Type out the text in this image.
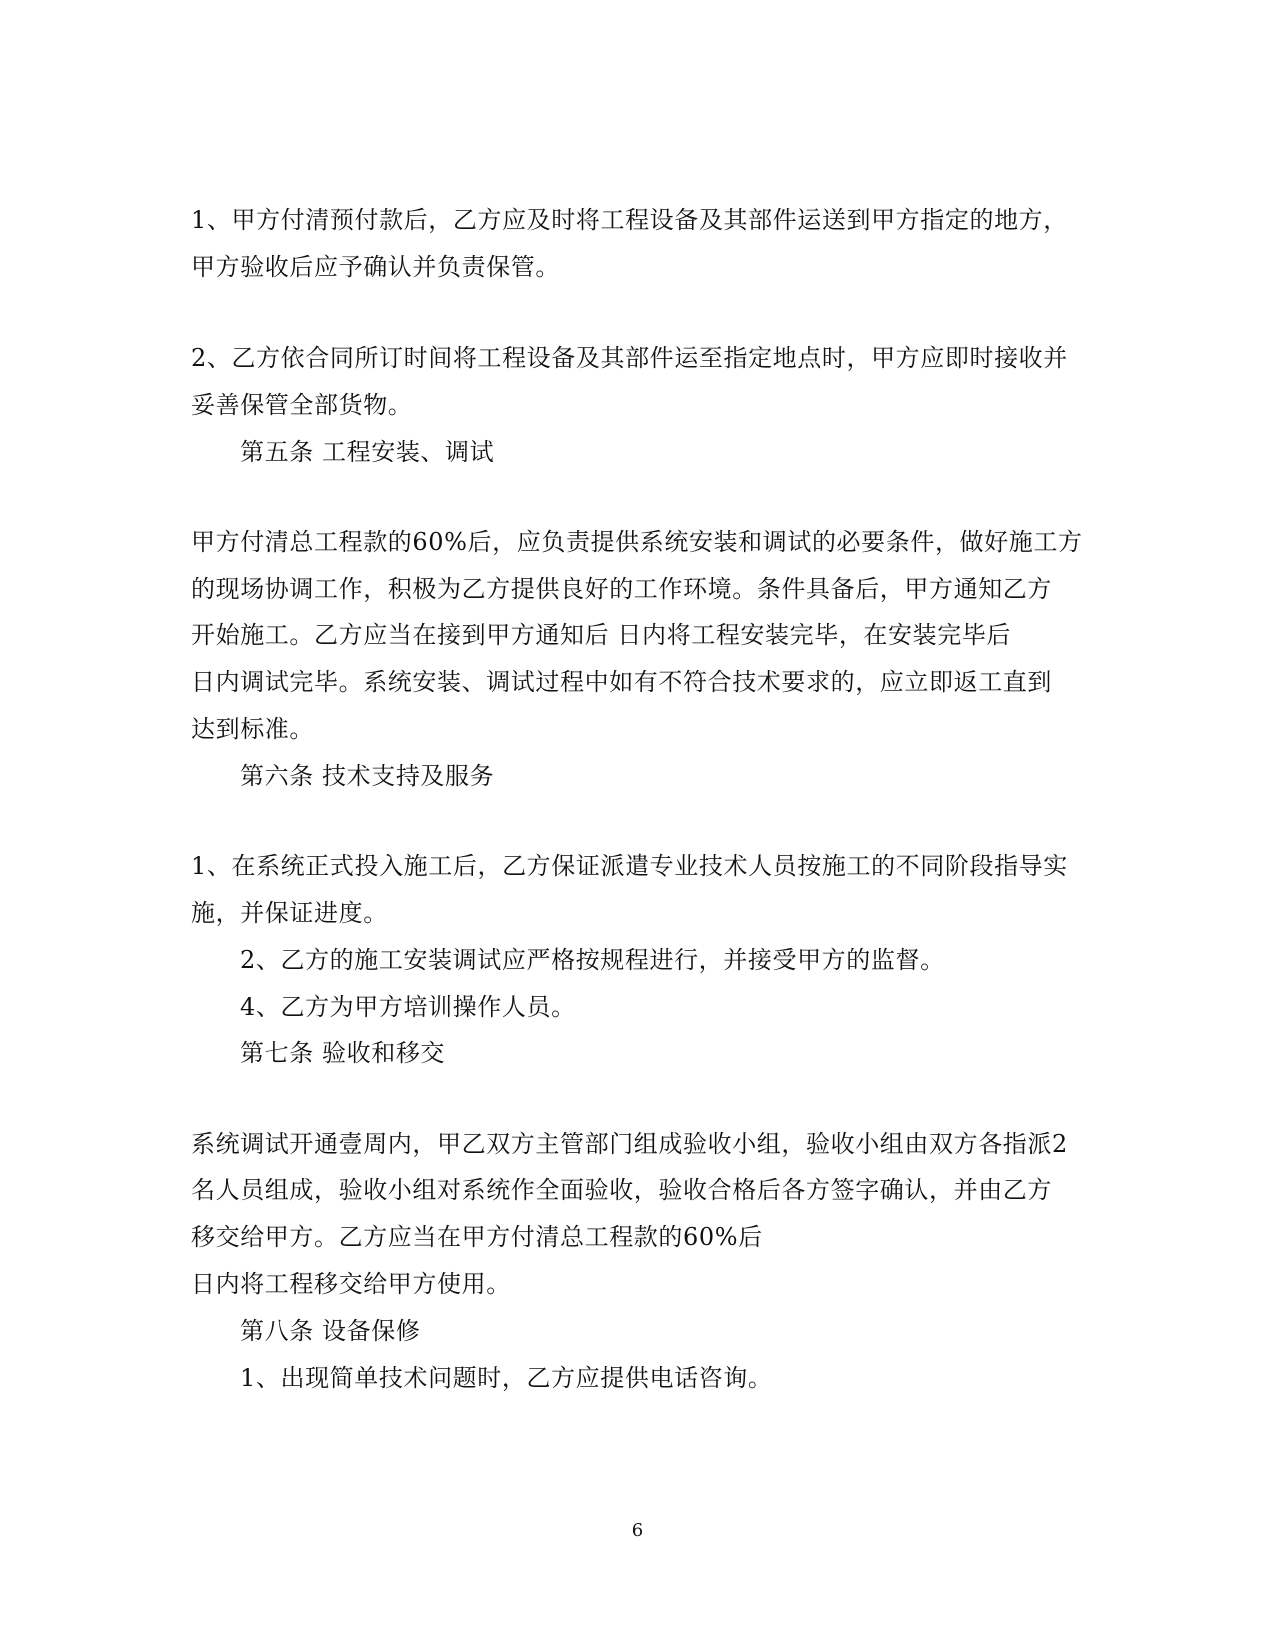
1、甲方付清预付款后，乙方应及时将工程设备及其部件运送到甲方指定的地方，
甲方验收后应予确认并负责保管。
2、乙方依合同所订时间将工程设备及其部件运至指定地点时，甲方应即时接收并
妥善保管全部货物。
第五条 工程安装、调试
甲方付清总工程款的60%后，应负责提供系统安装和调试的必要条件，做好施工方
的现场协调工作，积极为乙方提供良好的工作环境。条件具备后，甲方通知乙方
开始施工。乙方应当在接到甲方通知后 日内将工程安装完毕，在安装完毕后
日内调试完毕。系统安装、调试过程中如有不符合技术要求的，应立即返工直到
达到标准。
第六条 技术支持及服务
1、在系统正式投入施工后，乙方保证派遣专业技术人员按施工的不同阶段指导实
施，并保证进度。
2、乙方的施工安装调试应严格按规程进行，并接受甲方的监督。
4、乙方为甲方培训操作人员。
第七条 验收和移交
系统调试开通壹周内，甲乙双方主管部门组成验收小组，验收小组由双方各指派2
名人员组成，验收小组对系统作全面验收，验收合格后各方签字确认，并由乙方
移交给甲方。乙方应当在甲方付清总工程款的60%后
日内将工程移交给甲方使用。
第八条 设备保修
1、出现简单技术问题时，乙方应提供电话咨询。
6
